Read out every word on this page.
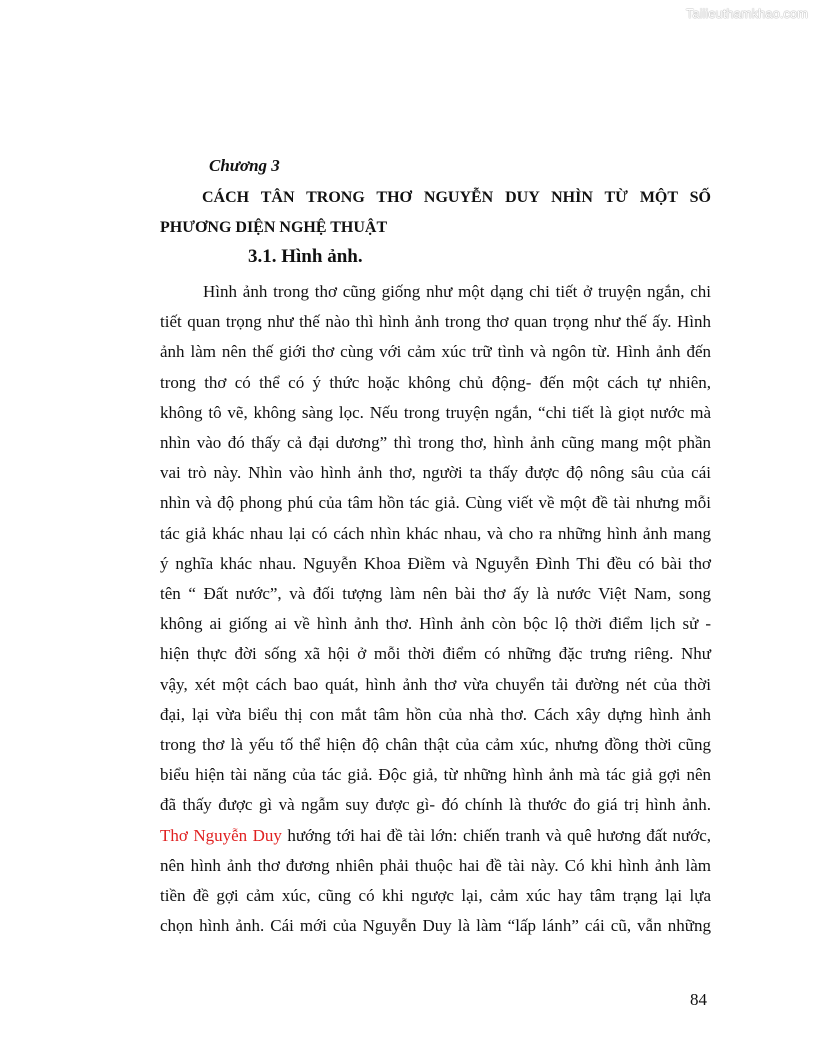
Tailieuthamkhao.com
Chương 3
CÁCH TÂN TRONG THƠ NGUYỄN DUY NHÌN TỪ MỘT SỐ
PHƯƠNG DIỆN NGHỆ THUẬT
3.1. Hình ảnh.
Hình ảnh trong thơ cũng giống như một dạng chi tiết ở truyện ngắn, chi
tiết quan trọng như thế nào thì hình ảnh trong thơ quan trọng như thế ấy. Hình
ảnh làm nên thế giới thơ cùng với cảm xúc trữ tình và ngôn từ. Hình ảnh đến
trong thơ có thể có ý thức hoặc không chủ động- đến một cách tự nhiên,
không tô vẽ, không sàng lọc. Nếu trong truyện ngắn, “chi tiết là giọt nước mà
nhìn vào đó thấy cả đại dương” thì trong thơ, hình ảnh cũng mang một phần
vai trò này. Nhìn vào hình ảnh thơ, người ta thấy được độ nông sâu của cái
nhìn và độ phong phú của tâm hồn tác giả. Cùng viết về một đề tài nhưng mỗi
tác giả khác nhau lại có cách nhìn khác nhau, và cho ra những hình ảnh mang
ý nghĩa khác nhau. Nguyễn Khoa Điềm và Nguyễn Đình Thi đều có bài thơ
tên “ Đất nước”, và đối tượng làm nên bài thơ ấy là nước Việt Nam, song
không ai giống ai về hình ảnh thơ. Hình ảnh còn bộc lộ thời điểm lịch sử -
hiện thực đời sống xã hội ở mỗi thời điểm có những đặc trưng riêng. Như
vậy, xét một cách bao quát, hình ảnh thơ vừa chuyển tải đường nét của thời
đại, lại vừa biểu thị con mắt tâm hồn của nhà thơ. Cách xây dựng hình ảnh
trong thơ là yếu tố thể hiện độ chân thật của cảm xúc, nhưng đồng thời cũng
biểu hiện tài năng của tác giả. Độc giả, từ những hình ảnh mà tác giả gợi nên
đã thấy được gì và ngẫm suy được gì- đó chính là thước đo giá trị hình ảnh.
Thơ Nguyễn Duy hướng tới hai đề tài lớn: chiến tranh và quê hương đất nước,
nên hình ảnh thơ đương nhiên phải thuộc hai đề tài này. Có khi hình ảnh làm
tiền đề gợi cảm xúc, cũng có khi ngược lại, cảm xúc hay tâm trạng lại lựa
chọn hình ảnh. Cái mới của Nguyễn Duy là làm “lấp lánh” cái cũ, vẫn những
84
